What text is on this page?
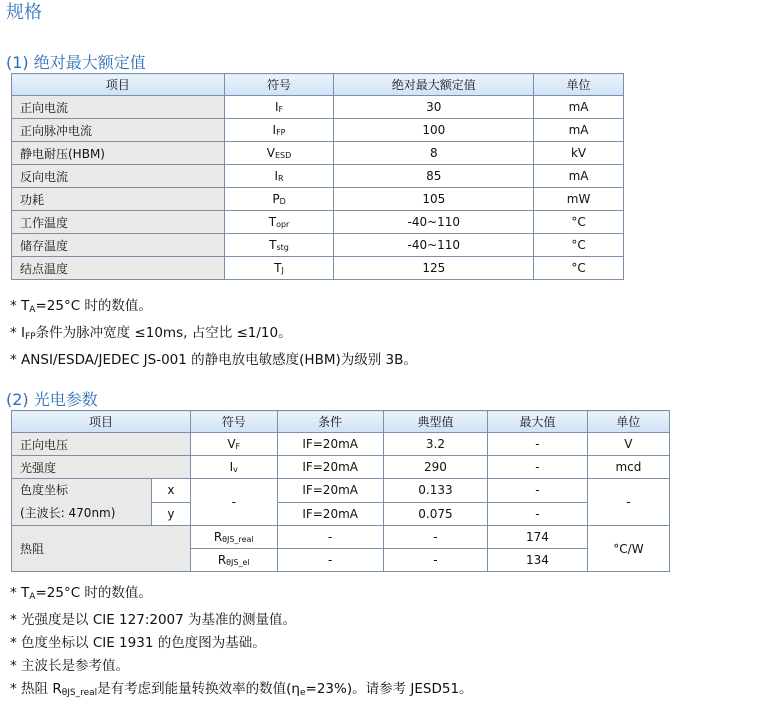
规格
(1) 绝对最大额定值
项目	符号	绝对最大额定值	单位
正向电流	$I_F$	30	mA
正向脉冲电流	$I_{FP}$	100	mA
静电耐压(HBM)	$V_{ESD}$	8	kV
反向电流	$I_R$	85	mA
功耗	$P_D$	105	mW
工作温度	$T_{opr}$	-40~110	°C
储存温度	$T_{stg}$	-40~110	°C
结点温度	$T_J$	125	°C
* $T_A=25^\circ C$ 时的数值。
* $I_{FP}$条件为脉冲宽度 ≤10ms, 占空比 ≤1/10。
* ANSI/ESDA/JEDEC JS-001 的静电放电敏感度(HBM)为级别 3B。
(2) 光电参数
项目		符号	条件	典型值	最大值	单位
正向电压		$V_F$	IF=20mA	3.2	-	V
光强度		$I_v$	IF=20mA	290	-	mcd

色度坐标
(主波长: 470nm)	x	-	IF=20mA	0.133	-	-
	y		IF=20mA	0.075	-	
热阻		$R_{\theta JS\_real}$	-	-	174	°C/W
		$R_{\theta JS\_el}$	-	-	134	
* $T_A=25^\circ C$ 时的数值。
* 光强度是以 CIE 127:2007 为基准的测量值。
* 色度坐标以 CIE 1931 的色度图为基础。
* 主波长是参考值。
* 热阻 $R_{\theta JS\_real}$是有考虑到能量转换效率的数值$(\eta_e=23\%)$。请参考 JESD51。
